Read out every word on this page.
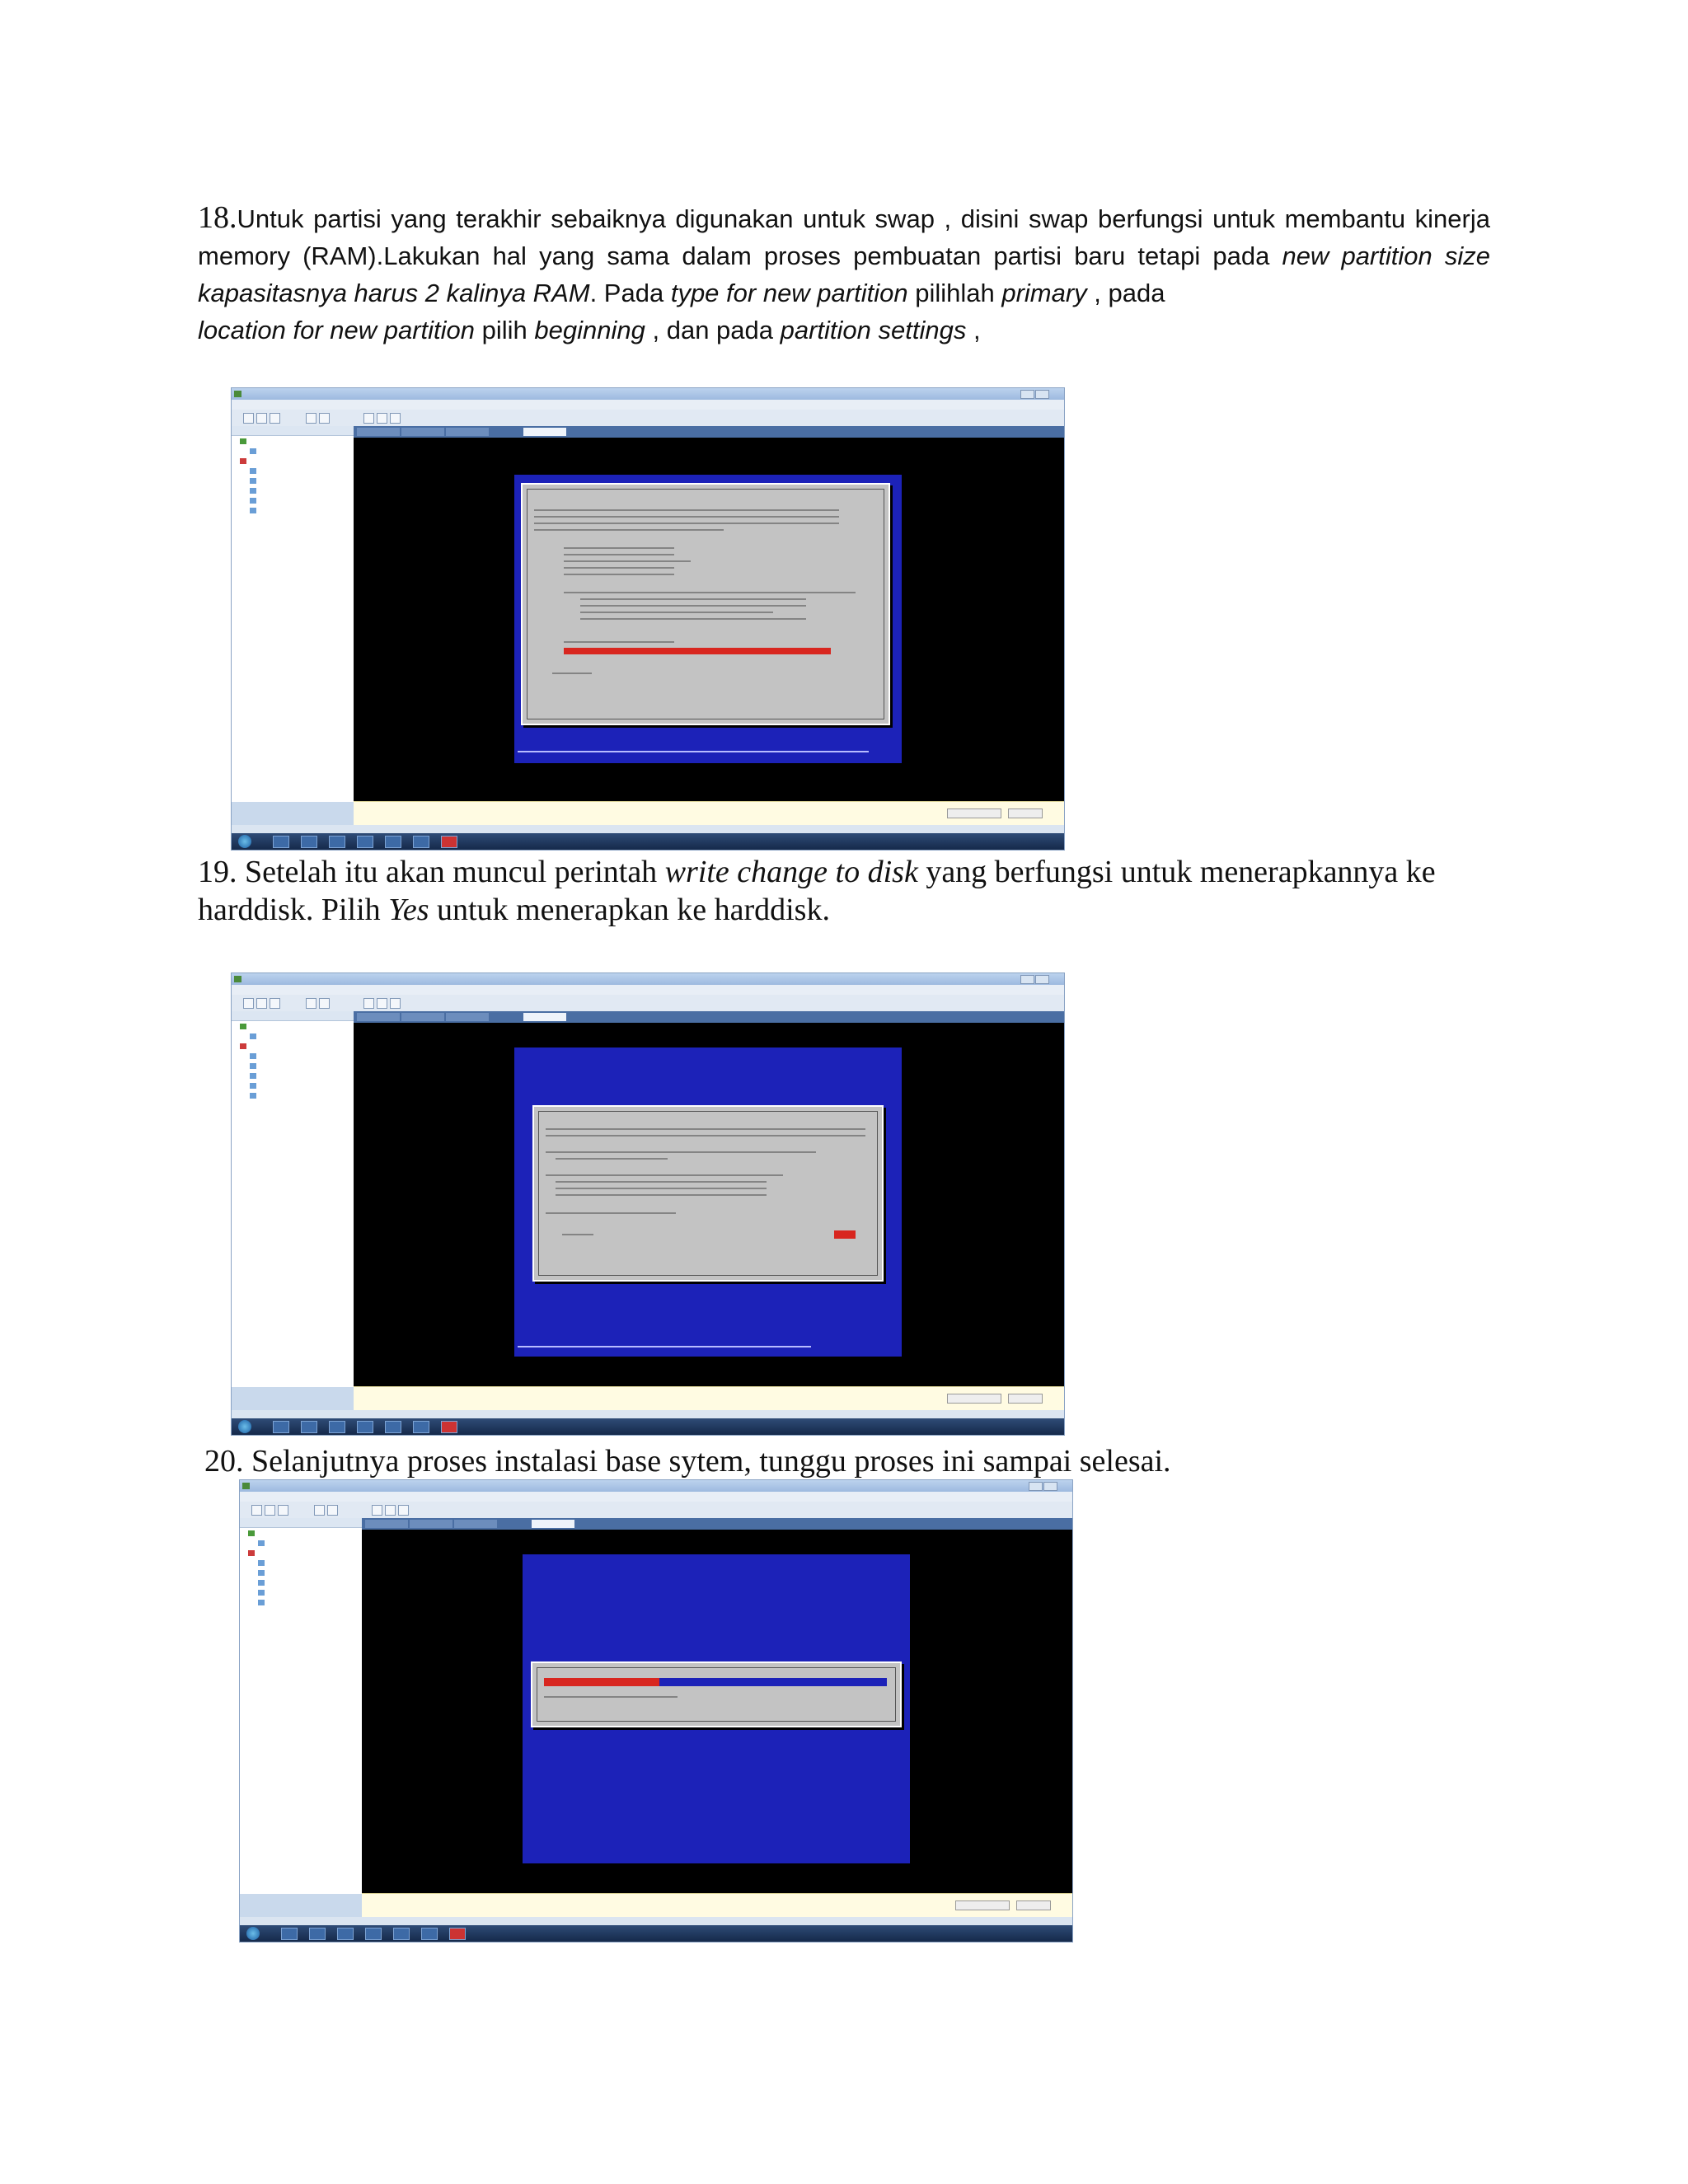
18.Untuk partisi yang terakhir sebaiknya digunakan untuk swap , disini swap berfungsi untuk membantu kinerja memory (RAM).Lakukan hal yang sama dalam proses pembuatan partisi baru tetapi pada new partition size kapasitasnya harus 2 kalinya RAM. Pada type for new partition pilihlah primary , pada
location for new partition pilih beginning , dan pada partition settings ,
19. Setelah itu akan muncul perintah write change to disk yang berfungsi untuk menerapkannya ke
harddisk. Pilih Yes untuk menerapkan ke harddisk.
20. Selanjutnya proses instalasi base sytem, tunggu proses ini sampai selesai.
